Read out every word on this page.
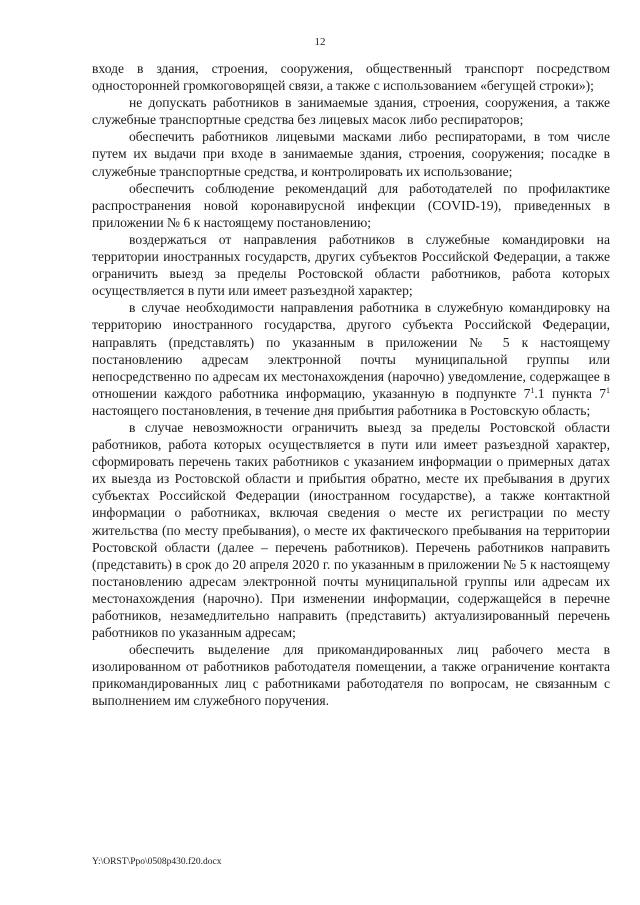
12

входе в здания, строения, сооружения, общественный транспорт посредством односторонней громкоговорящей связи, а также с использованием «бегущей строки»);

не допускать работников в занимаемые здания, строения, сооружения, а также служебные транспортные средства без лицевых масок либо респираторов;

обеспечить работников лицевыми масками либо респираторами, в том числе путем их выдачи при входе в занимаемые здания, строения, сооружения; посадке в служебные транспортные средства, и контролировать их использование;

обеспечить соблюдение рекомендаций для работодателей по профилактике распространения новой коронавирусной инфекции (COVID-19), приведенных в приложении № 6 к настоящему постановлению;

воздержаться от направления работников в служебные командировки на территории иностранных государств, других субъектов Российской Федерации, а также ограничить выезд за пределы Ростовской области работников, работа которых осуществляется в пути или имеет разъездной характер;

в случае необходимости направления работника в служебную командировку на территорию иностранного государства, другого субъекта Российской Федерации, направлять (представлять) по указанным в приложении № 5 к настоящему постановлению адресам электронной почты муниципальной группы или непосредственно по адресам их местонахождения (нарочно) уведомление, содержащее в отношении каждого работника информацию, указанную в подпункте $7^1.1$ пункта $7^1$ настоящего постановления, в течение дня прибытия работника в Ростовскую область;

в случае невозможности ограничить выезд за пределы Ростовской области работников, работа которых осуществляется в пути или имеет разъездной характер, сформировать перечень таких работников с указанием информации о примерных датах их выезда из Ростовской области и прибытия обратно, месте их пребывания в других субъектах Российской Федерации (иностранном государстве), а также контактной информации о работниках, включая сведения о месте их регистрации по месту жительства (по месту пребывания), о месте их фактического пребывания на территории Ростовской области (далее – перечень работников). Перечень работников направить (представить) в срок до 20 апреля 2020 г. по указанным в приложении № 5 к настоящему постановлению адресам электронной почты муниципальной группы или адресам их местонахождения (нарочно). При изменении информации, содержащейся в перечне работников, незамедлительно направить (представить) актуализированный перечень работников по указанным адресам;

обеспечить выделение для прикомандированных лиц рабочего места в изолированном от работников работодателя помещении, а также ограничение контакта прикомандированных лиц с работниками работодателя по вопросам, не связанным с выполнением им служебного поручения.

Y:\ORST\Ppo\0508p430.f20.docx
